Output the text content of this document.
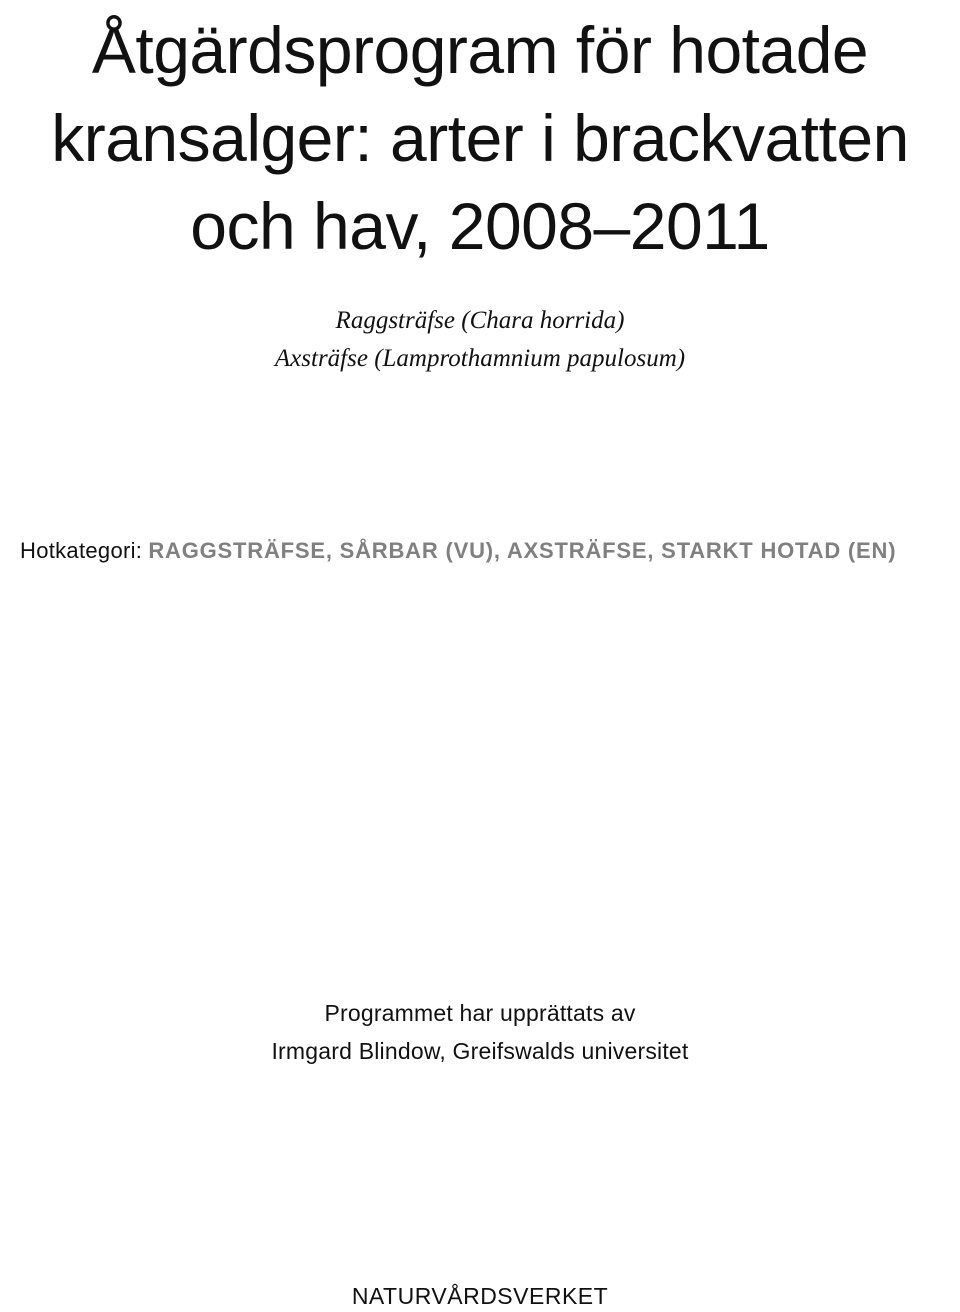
Åtgärdsprogram för hotade
kransalger: arter i brackvatten
och hav, 2008–2011
Raggsträfse (Chara horrida)
Axsträfse (Lamprothamnium papulosum)
Hotkategori: RAGGSTRÄFSE, SÅRBAR (VU), AXSTRÄFSE, STARKT HOTAD (EN)
Programmet har upprättats av
Irmgard Blindow, Greifswalds universitet
NATURVÅRDSVERKET
